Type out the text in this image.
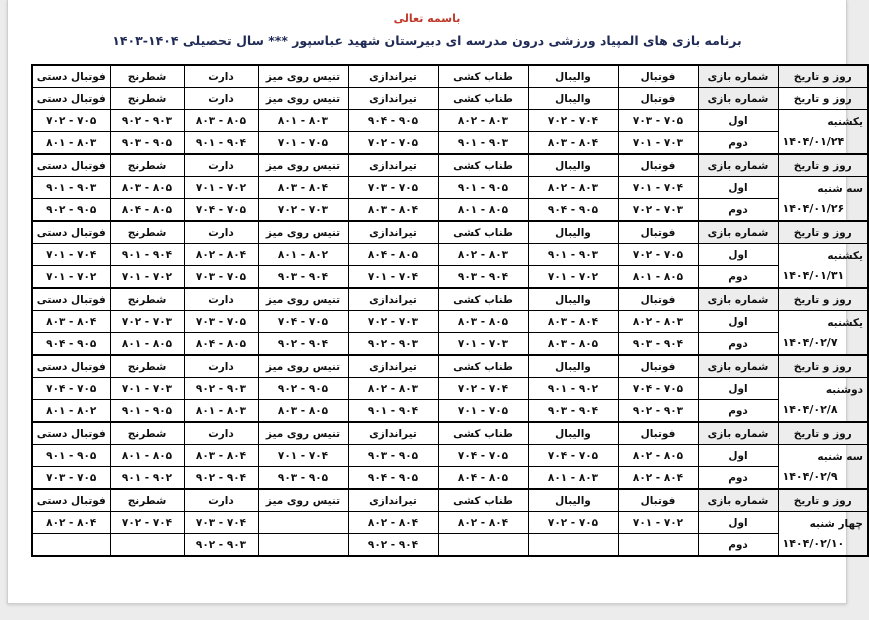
باسمه تعالی
برنامه بازی های المپیاد ورزشی درون مدرسه ای دبیرستان شهید عباسپور *** سال تحصیلی ۱۴۰۴-۱۴۰۳
روز و تاریخ	شماره بازی	فوتبال	والیبال	طناب کشی	تیراندازی	تنیس روی میز	دارت	شطرنج	فوتبال دستی
روز و تاریخ	شماره بازی	فوتبال	والیبال	طناب کشی	تیراندازی	تنیس روی میز	دارت	شطرنج	فوتبال دستی

یکشنبه
۱۴۰۴/۰۱/۲۴	اول	۷۰۵ - ۷۰۳	۷۰۴ - ۷۰۲	۸۰۳ - ۸۰۲	۹۰۵ - ۹۰۴	۸۰۳ - ۸۰۱	۸۰۵ - ۸۰۳	۹۰۳ - ۹۰۲	۷۰۵ - ۷۰۲
	دوم	۷۰۳ - ۷۰۱	۸۰۴ - ۸۰۳	۹۰۳ - ۹۰۱	۷۰۵ - ۷۰۲	۷۰۵ - ۷۰۱	۹۰۴ - ۹۰۱	۹۰۵ - ۹۰۳	۸۰۳ - ۸۰۱
روز و تاریخ	شماره بازی	فوتبال	والیبال	طناب کشی	تیراندازی	تنیس روی میز	دارت	شطرنج	فوتبال دستی

سه شنبه
۱۴۰۴/۰۱/۲۶	اول	۷۰۴ - ۷۰۱	۸۰۳ - ۸۰۲	۹۰۵ - ۹۰۱	۷۰۵ - ۷۰۳	۸۰۴ - ۸۰۳	۷۰۲ - ۷۰۱	۸۰۵ - ۸۰۳	۹۰۳ - ۹۰۱
	دوم	۷۰۳ - ۷۰۲	۹۰۵ - ۹۰۴	۸۰۵ - ۸۰۱	۸۰۴ - ۸۰۳	۷۰۳ - ۷۰۲	۷۰۵ - ۷۰۴	۸۰۵ - ۸۰۴	۹۰۵ - ۹۰۲
روز و تاریخ	شماره بازی	فوتبال	والیبال	طناب کشی	تیراندازی	تنیس روی میز	دارت	شطرنج	فوتبال دستی

یکشنبه
۱۴۰۴/۰۱/۳۱	اول	۷۰۵ - ۷۰۲	۹۰۳ - ۹۰۱	۸۰۳ - ۸۰۲	۸۰۵ - ۸۰۴	۸۰۲ - ۸۰۱	۸۰۴ - ۸۰۲	۹۰۴ - ۹۰۱	۷۰۴ - ۷۰۱
	دوم	۸۰۵ - ۸۰۱	۷۰۲ - ۷۰۱	۹۰۴ - ۹۰۳	۷۰۴ - ۷۰۱	۹۰۴ - ۹۰۳	۷۰۵ - ۷۰۳	۷۰۲ - ۷۰۱	۷۰۲ - ۷۰۱
روز و تاریخ	شماره بازی	فوتبال	والیبال	طناب کشی	تیراندازی	تنیس روی میز	دارت	شطرنج	فوتبال دستی

یکشنبه
۱۴۰۴/۰۲/۷	اول	۸۰۳ - ۸۰۲	۸۰۴ - ۸۰۳	۸۰۵ - ۸۰۳	۷۰۳ - ۷۰۲	۷۰۵ - ۷۰۴	۷۰۵ - ۷۰۳	۷۰۳ - ۷۰۲	۸۰۴ - ۸۰۳
	دوم	۹۰۴ - ۹۰۳	۸۰۵ - ۸۰۳	۷۰۳ - ۷۰۱	۹۰۳ - ۹۰۲	۹۰۴ - ۹۰۲	۸۰۵ - ۸۰۴	۸۰۵ - ۸۰۱	۹۰۵ - ۹۰۴
روز و تاریخ	شماره بازی	فوتبال	والیبال	طناب کشی	تیراندازی	تنیس روی میز	دارت	شطرنج	فوتبال دستی

دوشنبه
۱۴۰۴/۰۲/۸	اول	۷۰۵ - ۷۰۴	۹۰۲ - ۹۰۱	۷۰۴ - ۷۰۲	۸۰۳ - ۸۰۲	۹۰۵ - ۹۰۲	۹۰۳ - ۹۰۲	۷۰۳ - ۷۰۱	۷۰۵ - ۷۰۴
	دوم	۹۰۳ - ۹۰۲	۹۰۴ - ۹۰۳	۷۰۵ - ۷۰۱	۹۰۴ - ۹۰۱	۸۰۵ - ۸۰۳	۸۰۳ - ۸۰۱	۹۰۵ - ۹۰۱	۸۰۲ - ۸۰۱
روز و تاریخ	شماره بازی	فوتبال	والیبال	طناب کشی	تیراندازی	تنیس روی میز	دارت	شطرنج	فوتبال دستی

سه شنبه
۱۴۰۴/۰۲/۹	اول	۸۰۵ - ۸۰۲	۷۰۵ - ۷۰۴	۷۰۵ - ۷۰۴	۹۰۵ - ۹۰۳	۷۰۴ - ۷۰۱	۸۰۴ - ۸۰۳	۸۰۵ - ۸۰۱	۹۰۵ - ۹۰۱
	دوم	۸۰۴ - ۸۰۲	۸۰۳ - ۸۰۱	۸۰۵ - ۸۰۴	۹۰۵ - ۹۰۴	۹۰۵ - ۹۰۳	۹۰۴ - ۹۰۲	۹۰۲ - ۹۰۱	۷۰۵ - ۷۰۳
روز و تاریخ	شماره بازی	فوتبال	والیبال	طناب کشی	تیراندازی	تنیس روی میز	دارت	شطرنج	فوتبال دستی

چهار شنبه
۱۴۰۴/۰۲/۱۰	اول	۷۰۲ - ۷۰۱	۷۰۵ - ۷۰۲	۸۰۴ - ۸۰۲	۸۰۴ - ۸۰۲		۷۰۴ - ۷۰۳	۷۰۴ - ۷۰۲	۸۰۴ - ۸۰۲
	دوم				۹۰۴ - ۹۰۲		۹۰۳ - ۹۰۲		
